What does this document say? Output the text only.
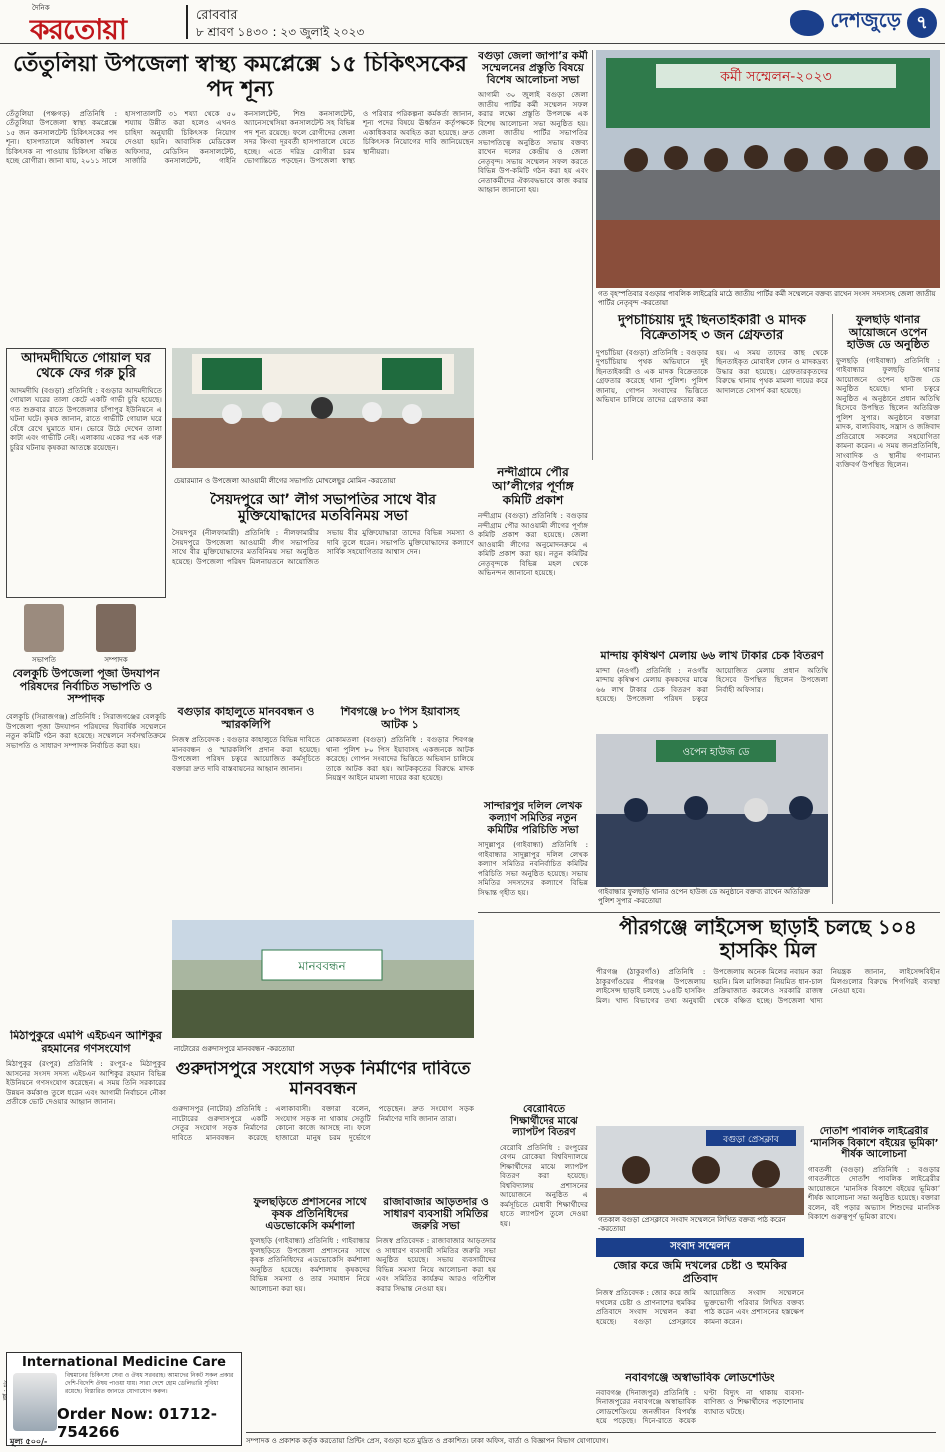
দৈনিক
করতোয়া	রোববার
৮ শ্রাবণ ১৪৩০ : ২৩ জুলাই ২০২৩	দেশজুড়ে ৭
তেঁতুলিয়া উপজেলা স্বাস্থ্য কমপ্লেক্সে ১৫ চিকিৎসকের পদ শূন্য
তেঁতুলিয়া (পঞ্চগড়) প্রতিনিধি : তেঁতুলিয়া উপজেলা স্বাস্থ্য কমপ্লেক্সে ১৫ জন কনসালটেন্ট চিকিৎসকের পদ শূন্য। হাসপাতালে অধিকাংশ সময়ে চিকিৎসক না পাওয়ায় চিকিৎসা বঞ্চিত হচ্ছে রোগীরা। জানা যায়, ২০১১ সালে হাসপাতালটি ৩১ শয্যা থেকে ৫০ শয্যায় উন্নীত করা হলেও এখনও চাহিদা অনুযায়ী চিকিৎসক নিয়োগ দেওয়া হয়নি। আবাসিক মেডিকেল অফিসার, মেডিসিন কনসালটেন্ট, সার্জারি কনসালটেন্ট, গাইনি কনসালটেন্ট, শিশু কনসালটেন্ট, অ্যানেসথেসিয়া কনসালটেন্ট সহ বিভিন্ন পদ শূন্য রয়েছে। ফলে রোগীদের জেলা সদর কিংবা দূরবর্তী হাসপাতালে যেতে হচ্ছে। এতে দরিদ্র রোগীরা চরম ভোগান্তিতে পড়ছেন। উপজেলা স্বাস্থ্য ও পরিবার পরিকল্পনা কর্মকর্তা জানান, শূন্য পদের বিষয়ে ঊর্ধ্বতন কর্তৃপক্ষকে একাধিকবার অবহিত করা হয়েছে। দ্রুত চিকিৎসক নিয়োগের দাবি জানিয়েছেন স্থানীয়রা।
বগুড়া জেলা জাপা’র কর্মী সম্মেলনের প্রস্তুতি বিষয়ে বিশেষ আলোচনা সভা
আগামী ৩০ জুলাই বগুড়া জেলা জাতীয় পার্টির কর্মী সম্মেলন সফল করার লক্ষ্যে প্রস্তুতি উপলক্ষে এক বিশেষ আলোচনা সভা অনুষ্ঠিত হয়। জেলা জাতীয় পার্টির সভাপতির সভাপতিত্বে অনুষ্ঠিত সভায় বক্তব্য রাখেন দলের কেন্দ্রীয় ও জেলা নেতৃবৃন্দ। সভায় সম্মেলন সফল করতে বিভিন্ন উপ-কমিটি গঠন করা হয় এবং নেতাকর্মীদের ঐক্যবদ্ধভাবে কাজ করার আহ্বান জানানো হয়।
কর্মী সম্মেলন-২০২৩
গত বৃহস্পতিবার বগুড়ার পাবলিক লাইব্রেরি মাঠে জাতীয় পার্টির কর্মী সম্মেলনে বক্তব্য রাখেন সংসদ সদস্যসহ জেলা জাতীয় পার্টির নেতৃবৃন্দ -করতোয়া
দুপচাঁচিয়ায় দুই ছিনতাইকারী ও মাদক বিক্রেতাসহ ৩ জন গ্রেফতার
দুপচাঁচিয়া (বগুড়া) প্রতিনিধি : বগুড়ার দুপচাঁচিয়ায় পৃথক অভিযানে দুই ছিনতাইকারী ও এক মাদক বিক্রেতাকে গ্রেফতার করেছে থানা পুলিশ। পুলিশ জানায়, গোপন সংবাদের ভিত্তিতে অভিযান চালিয়ে তাদের গ্রেফতার করা হয়। এ সময় তাদের কাছ থেকে ছিনতাইকৃত মোবাইল ফোন ও মাদকদ্রব্য উদ্ধার করা হয়েছে। গ্রেফতারকৃতদের বিরুদ্ধে থানায় পৃথক মামলা দায়ের করে আদালতে সোপর্দ করা হয়েছে।
ফুলছড়ি থানার আয়োজনে ওপেন হাউজ ডে অনুষ্ঠিত
ফুলছড়ি (গাইবান্ধা) প্রতিনিধি : গাইবান্ধার ফুলছড়ি থানার আয়োজনে ওপেন হাউজ ডে অনুষ্ঠিত হয়েছে। থানা চত্বরে অনুষ্ঠিত এ অনুষ্ঠানে প্রধান অতিথি হিসেবে উপস্থিত ছিলেন অতিরিক্ত পুলিশ সুপার। অনুষ্ঠানে বক্তারা মাদক, বাল্যবিবাহ, সন্ত্রাস ও জঙ্গিবাদ প্রতিরোধে সকলের সহযোগিতা কামনা করেন। এ সময় জনপ্রতিনিধি, সাংবাদিক ও স্থানীয় গণ্যমান্য ব্যক্তিবর্গ উপস্থিত ছিলেন।
আদমদীঘিতে গোয়াল ঘর থেকে ফের গরু চুরি
আদমদীঘি (বগুড়া) প্রতিনিধি : বগুড়ার আদমদীঘিতে গোয়াল ঘরের তালা কেটে একটি গাভী চুরি হয়েছে। গত শুক্রবার রাতে উপজেলার চাঁপাপুর ইউনিয়নে এ ঘটনা ঘটে। কৃষক জানান, রাতে গাভীটি গোয়াল ঘরে বেঁধে রেখে ঘুমাতে যান। ভোরে উঠে দেখেন তালা কাটা এবং গাভীটি নেই। এলাকায় একের পর এক গরু চুরির ঘটনায় কৃষকরা আতঙ্কে রয়েছেন।
চেয়ারম্যান ও উপজেলা আওয়ামী লীগের সভাপতি মোখলেছুর মোমিন -করতোয়া
সৈয়দপুরে আ’ লীগ সভাপতির সাথে বীর মুক্তিযোদ্ধাদের মতবিনিময় সভা
সৈয়দপুর (নীলফামারী) প্রতিনিধি : নীলফামারীর সৈয়দপুরে উপজেলা আওয়ামী লীগ সভাপতির সাথে বীর মুক্তিযোদ্ধাদের মতবিনিময় সভা অনুষ্ঠিত হয়েছে। উপজেলা পরিষদ মিলনায়তনে আয়োজিত সভায় বীর মুক্তিযোদ্ধারা তাদের বিভিন্ন সমস্যা ও দাবি তুলে ধরেন। সভাপতি মুক্তিযোদ্ধাদের কল্যাণে সার্বিক সহযোগিতার আশ্বাস দেন।
বগুড়ার কাহালুতে মানববন্ধন ও স্মারকলিপি
নিজস্ব প্রতিবেদক : বগুড়ার কাহালুতে বিভিন্ন দাবিতে মানববন্ধন ও স্মারকলিপি প্রদান করা হয়েছে। উপজেলা পরিষদ চত্বরে আয়োজিত কর্মসূচিতে বক্তারা দ্রুত দাবি বাস্তবায়নের আহ্বান জানান।
শিবগঞ্জে ৮০ পিস ইয়াবাসহ আটক ১
মোকামতলা (বগুড়া) প্রতিনিধি : বগুড়ার শিবগঞ্জ থানা পুলিশ ৮০ পিস ইয়াবাসহ একজনকে আটক করেছে। গোপন সংবাদের ভিত্তিতে অভিযান চালিয়ে তাকে আটক করা হয়। আটককৃতের বিরুদ্ধে মাদক নিয়ন্ত্রণ আইনে মামলা দায়ের করা হয়েছে।
সভাপতি	সম্পাদক
বেলকুচি উপজেলা পূজা উদযাপন পরিষদের নির্বাচিত সভাপতি ও সম্পাদক
বেলকুচি (সিরাজগঞ্জ) প্রতিনিধি : সিরাজগঞ্জের বেলকুচি উপজেলা পূজা উদযাপন পরিষদের দ্বিবার্ষিক সম্মেলনে নতুন কমিটি গঠন করা হয়েছে। সম্মেলনে সর্বসম্মতিক্রমে সভাপতি ও সাধারণ সম্পাদক নির্বাচিত করা হয়।
মিঠাপুকুরে এমপি এইচএন আশিকুর রহমানের গণসংযোগ
মিঠাপুকুর (রংপুর) প্রতিনিধি : রংপুর-৫ মিঠাপুকুর আসনের সংসদ সদস্য এইচএন আশিকুর রহমান বিভিন্ন ইউনিয়নে গণসংযোগ করেছেন। এ সময় তিনি সরকারের উন্নয়ন কর্মকাণ্ড তুলে ধরেন এবং আগামী নির্বাচনে নৌকা প্রতীকে ভোট দেওয়ার আহ্বান জানান।
মানববন্ধন
নাটোরের গুরুদাসপুরে মানববন্ধন -করতোয়া
নন্দীগ্রামে পৌর আ’লীগের পূর্ণাঙ্গ কমিটি প্রকাশ
নন্দীগ্রাম (বগুড়া) প্রতিনিধি : বগুড়ার নন্দীগ্রাম পৌর আওয়ামী লীগের পূর্ণাঙ্গ কমিটি প্রকাশ করা হয়েছে। জেলা আওয়ামী লীগের অনুমোদনক্রমে এ কমিটি প্রকাশ করা হয়। নতুন কমিটির নেতৃবৃন্দকে বিভিন্ন মহল থেকে অভিনন্দন জানানো হয়েছে।
মান্দায় কৃষিঋণ মেলায় ৬৬ লাখ টাকার চেক বিতরণ
মান্দা (নওগাঁ) প্রতিনিধি : নওগাঁর মান্দায় কৃষিঋণ মেলায় কৃষকদের মাঝে ৬৬ লাখ টাকার চেক বিতরণ করা হয়েছে। উপজেলা পরিষদ চত্বরে আয়োজিত মেলায় প্রধান অতিথি হিসেবে উপস্থিত ছিলেন উপজেলা নির্বাহী অফিসার।
ওপেন হাউজ ডে
গাইবান্ধার ফুলছড়ি থানার ওপেন হাউজ ডে অনুষ্ঠানে বক্তব্য রাখেন অতিরিক্ত পুলিশ সুপার -করতোয়া
পীরগঞ্জে লাইসেন্স ছাড়াই চলছে ১০৪ হাসকিং মিল
পীরগঞ্জ (ঠাকুরগাঁও) প্রতিনিধি : ঠাকুরগাঁওয়ের পীরগঞ্জ উপজেলায় লাইসেন্স ছাড়াই চলছে ১০৪টি হাসকিং মিল। খাদ্য বিভাগের তথ্য অনুযায়ী উপজেলায় অনেক মিলের নবায়ন করা হয়নি। মিল মালিকরা নিয়মিত ধান-চাল প্রক্রিয়াজাত করলেও সরকারি রাজস্ব থেকে বঞ্চিত হচ্ছে। উপজেলা খাদ্য নিয়ন্ত্রক জানান, লাইসেন্সবিহীন মিলগুলোর বিরুদ্ধে শিগগিরই ব্যবস্থা নেওয়া হবে।
সান্দারপুর দলিল লেখক কল্যাণ সমিতির নতুন কমিটির পরিচিতি সভা
সাদুল্লাপুর (গাইবান্ধা) প্রতিনিধি : গাইবান্ধার সাদুল্লাপুর দলিল লেখক কল্যাণ সমিতির নবনির্বাচিত কমিটির পরিচিতি সভা অনুষ্ঠিত হয়েছে। সভায় সমিতির সদস্যদের কল্যাণে বিভিন্ন সিদ্ধান্ত গৃহীত হয়।
গুরুদাসপুরে সংযোগ সড়ক নির্মাণের দাবিতে মানববন্ধন
গুরুদাসপুর (নাটোর) প্রতিনিধি : নাটোরের গুরুদাসপুরে একটি সেতুর সংযোগ সড়ক নির্মাণের দাবিতে মানববন্ধন করেছে এলাকাবাসী। বক্তারা বলেন, সংযোগ সড়ক না থাকায় সেতুটি কোনো কাজে আসছে না। ফলে হাজারো মানুষ চরম দুর্ভোগে পড়েছেন। দ্রুত সংযোগ সড়ক নির্মাণের দাবি জানান তারা।
ফুলছড়িতে প্রশাসনের সাথে কৃষক প্রতিনিধিদের এডভোকেসি কর্মশালা
ফুলছড়ি (গাইবান্ধা) প্রতিনিধি : গাইবান্ধার ফুলছড়িতে উপজেলা প্রশাসনের সাথে কৃষক প্রতিনিধিদের এডভোকেসি কর্মশালা অনুষ্ঠিত হয়েছে। কর্মশালায় কৃষকদের বিভিন্ন সমস্যা ও তার সমাধান নিয়ে আলোচনা করা হয়।
রাজাবাজার আড়তদার ও সাধারণ ব্যবসায়ী সমিতির জরুরি সভা
নিজস্ব প্রতিবেদক : রাজাবাজার আড়তদার ও সাধারণ ব্যবসায়ী সমিতির জরুরি সভা অনুষ্ঠিত হয়েছে। সভায় ব্যবসায়ীদের বিভিন্ন সমস্যা নিয়ে আলোচনা করা হয় এবং সমিতির কার্যক্রম আরও গতিশীল করার সিদ্ধান্ত নেওয়া হয়।
বেরোবিতে শিক্ষার্থীদের মাঝে ল্যাপটপ বিতরণ
বেরোবি প্রতিনিধি : রংপুরের বেগম রোকেয়া বিশ্ববিদ্যালয়ে শিক্ষার্থীদের মাঝে ল্যাপটপ বিতরণ করা হয়েছে। বিশ্ববিদ্যালয় প্রশাসনের আয়োজনে অনুষ্ঠিত এ কর্মসূচিতে মেধাবী শিক্ষার্থীদের হাতে ল্যাপটপ তুলে দেওয়া হয়।
বগুড়া প্রেসক্লাব
গতকাল বগুড়া প্রেসক্লাবে সংবাদ সম্মেলনে লিখিত বক্তব্য পাঠ করেন -করতোয়া
দোতাঁশ পাবলিক লাইব্রেরীর ‘মানসিক বিকাশে বইয়ের ভূমিকা’ শীর্ষক আলোচনা
গাবতলী (বগুড়া) প্রতিনিধি : বগুড়ার গাবতলীতে দোতাঁশ পাবলিক লাইব্রেরীর আয়োজনে ‘মানসিক বিকাশে বইয়ের ভূমিকা’ শীর্ষক আলোচনা সভা অনুষ্ঠিত হয়েছে। বক্তারা বলেন, বই পড়ার অভ্যাস শিশুদের মানসিক বিকাশে গুরুত্বপূর্ণ ভূমিকা রাখে।
সংবাদ সম্মেলন
জোর করে জমি দখলের চেষ্টা ও হুমকির প্রতিবাদ
নিজস্ব প্রতিবেদক : জোর করে জমি দখলের চেষ্টা ও প্রাণনাশের হুমকির প্রতিবাদে সংবাদ সম্মেলন করা হয়েছে। বগুড়া প্রেসক্লাবে আয়োজিত সংবাদ সম্মেলনে ভুক্তভোগী পরিবার লিখিত বক্তব্য পাঠ করেন এবং প্রশাসনের হস্তক্ষেপ কামনা করেন।
নবাবগঞ্জে অস্বাভাবিক লোডশেডিং
নবাবগঞ্জ (দিনাজপুর) প্রতিনিধি : দিনাজপুরের নবাবগঞ্জে অস্বাভাবিক লোডশেডিংয়ে জনজীবন বিপর্যস্ত হয়ে পড়েছে। দিনে-রাতে কয়েক ঘণ্টা বিদ্যুৎ না থাকায় ব্যবসা-বাণিজ্য ও শিক্ষার্থীদের পড়াশোনায় ব্যাঘাত ঘটছে।
International Medicine Care
বিশ্বমানের চিকিৎসা সেবা ও ঔষধ সরবরাহ। আমাদের নিকট সকল প্রকার দেশি-বিদেশি ঔষধ পাওয়া যায়। সারা দেশে হোম ডেলিভারি সুবিধা রয়েছে। বিস্তারিত জানতে যোগাযোগ করুন।
Order Now: 01712-754266
মূল্য ৫০০/-
বর্ষ : ৪৮
সম্পাদক ও প্রকাশক কর্তৃক করতোয়া প্রিন্টিং প্রেস, বগুড়া হতে মুদ্রিত ও প্রকাশিত। ঢাকা অফিস, বার্তা ও বিজ্ঞাপন বিভাগ যোগাযোগ।
